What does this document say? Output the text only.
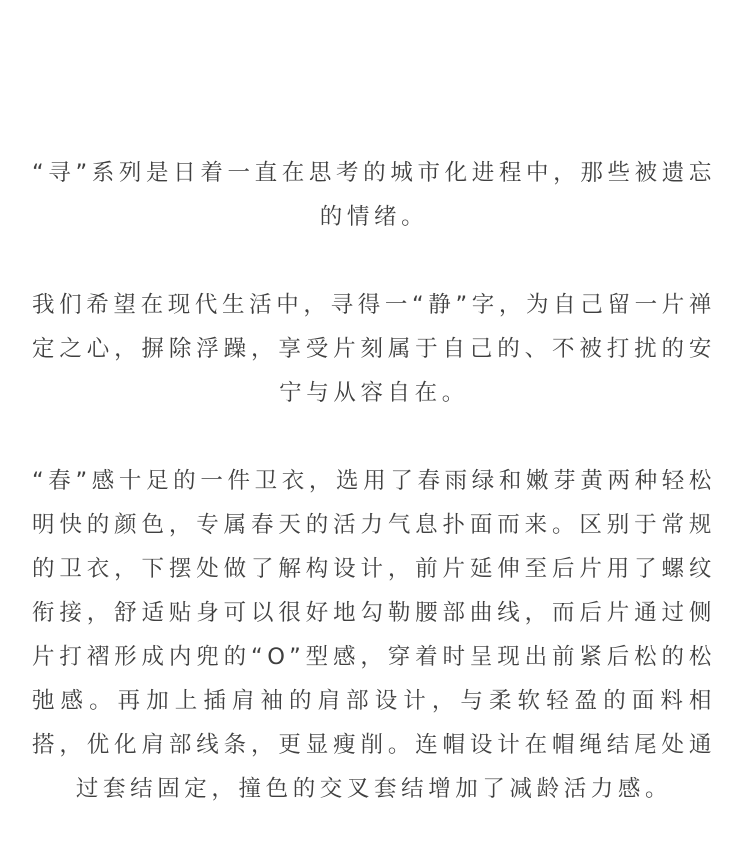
“寻”系列是日着一直在思考的城市化进程中，那些被遗忘的情绪。

我们希望在现代生活中，寻得一“静”字，为自己留一片禅定之心，摒除浮躁，享受片刻属于自己的、不被打扰的安宁与从容自在。

“春”感十足的一件卫衣，选用了春雨绿和嫩芽黄两种轻松明快的颜色，专属春天的活力气息扑面而来。区别于常规的卫衣，下摆处做了解构设计，前片延伸至后片用了螺纹衔接，舒适贴身可以很好地勾勒腰部曲线，而后片通过侧片打褶形成内兜的“O”型感，穿着时呈现出前紧后松的松弛感。再加上插肩袖的肩部设计，与柔软轻盈的面料相搭，优化肩部线条，更显瘦削。连帽设计在帽绳结尾处通过套结固定，撞色的交叉套结增加了减龄活力感。
